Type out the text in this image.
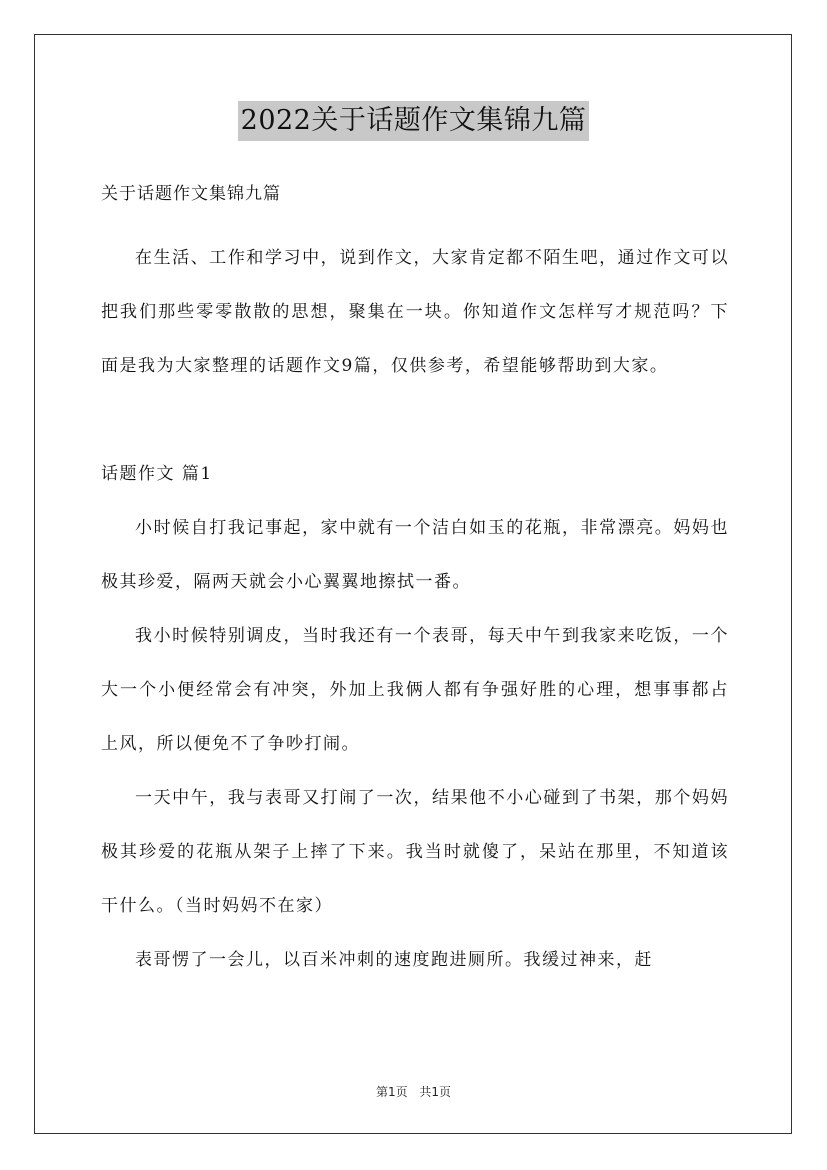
2022关于话题作文集锦九篇
关于话题作文集锦九篇

在生活、工作和学习中，说到作文，大家肯定都不陌生吧，通过作文可以把我们那些零零散散的思想，聚集在一块。你知道作文怎样写才规范吗？下面是我为大家整理的话题作文9篇，仅供参考，希望能够帮助到大家。

话题作文 篇1

小时候自打我记事起，家中就有一个洁白如玉的花瓶，非常漂亮。妈妈也极其珍爱，隔两天就会小心翼翼地擦拭一番。

我小时候特别调皮，当时我还有一个表哥，每天中午到我家来吃饭，一个大一个小便经常会有冲突，外加上我俩人都有争强好胜的心理，想事事都占上风，所以便免不了争吵打闹。

一天中午，我与表哥又打闹了一次，结果他不小心碰到了书架，那个妈妈极其珍爱的花瓶从架子上摔了下来。我当时就傻了，呆站在那里，不知道该干什么。（当时妈妈不在家）

表哥愣了一会儿，以百米冲刺的速度跑进厕所。我缓过神来，赶

第1页 共1页
